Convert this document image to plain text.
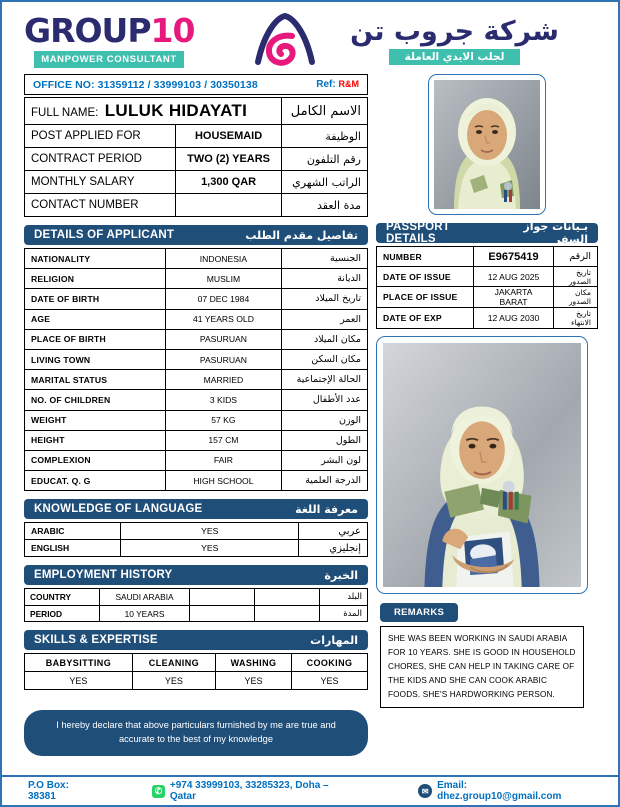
GROUP10
MANPOWER CONSULTANT
شركة جروب تن
لجلب الايدي العاملة
OFFICE NO: 31359112 / 33999103 / 30350138	Ref: R&M
FULL NAME: LULUK HIDAYATI		الاسم الكامل
POST APPLIED FOR	HOUSEMAID	الوظيفة
CONTRACT PERIOD	TWO (2) YEARS	رقم التلفون
MONTHLY SALARY	1,300 QAR	الراتب الشهري
CONTACT NUMBER		مدة العقد
DETAILS OF APPLICANT	تفاصيل مقدم الطلب
NATIONALITY	INDONESIA	الجنسية
RELIGION	MUSLIM	الديانة
DATE OF BIRTH	07 DEC 1984	تاريخ الميلاد
AGE	41 YEARS OLD	العمر
PLACE OF BIRTH	PASURUAN	مكان الميلاد
LIVING TOWN	PASURUAN	مكان السكن
MARITAL STATUS	MARRIED	الحالة الإجتماعية
NO. OF CHILDREN	3 KIDS	عدد الأطفال
WEIGHT	57 KG	الوزن
HEIGHT	157 CM	الطول
COMPLEXION	FAIR	لون البشر
EDUCAT. Q. G	HIGH SCHOOL	الدرجة العلمية
KNOWLEDGE OF LANGUAGE	معرفة اللغة
ARABIC	YES	عربي
ENGLISH	YES	إنجليزي
EMPLOYMENT HISTORY	الخبرة
COUNTRY	SAUDI ARABIA			البلد
PERIOD	10 YEARS			المدة
SKILLS & EXPERTISE	المهارات
BABYSITTING	CLEANING	WASHING	COOKING
YES	YES	YES	YES
I hereby declare that above particulars furnished by me are true and accurate to the best of my knowledge
PASSPORT DETAILS
بـيانات جواز السفر
NUMBER	E9675419	الرقم
DATE OF ISSUE	12 AUG 2025	تاريخ الصدور
PLACE OF ISSUE	JAKARTA BARAT	مكان الصدور
DATE OF EXP	12 AUG 2030	تاريخ الانتهاء
REMARKS
SHE WAS BEEN WORKING IN SAUDI ARABIA FOR 10 YEARS. SHE IS GOOD IN HOUSEHOLD CHORES, SHE CAN HELP IN TAKING CARE OF THE KIDS AND SHE CAN COOK ARABIC FOODS. SHE'S HARDWORKING PERSON.
P.O Box: 38381
✆ +974 33999103, 33285323, Doha – Qatar	✉ Email: dhez.group10@gmail.com
